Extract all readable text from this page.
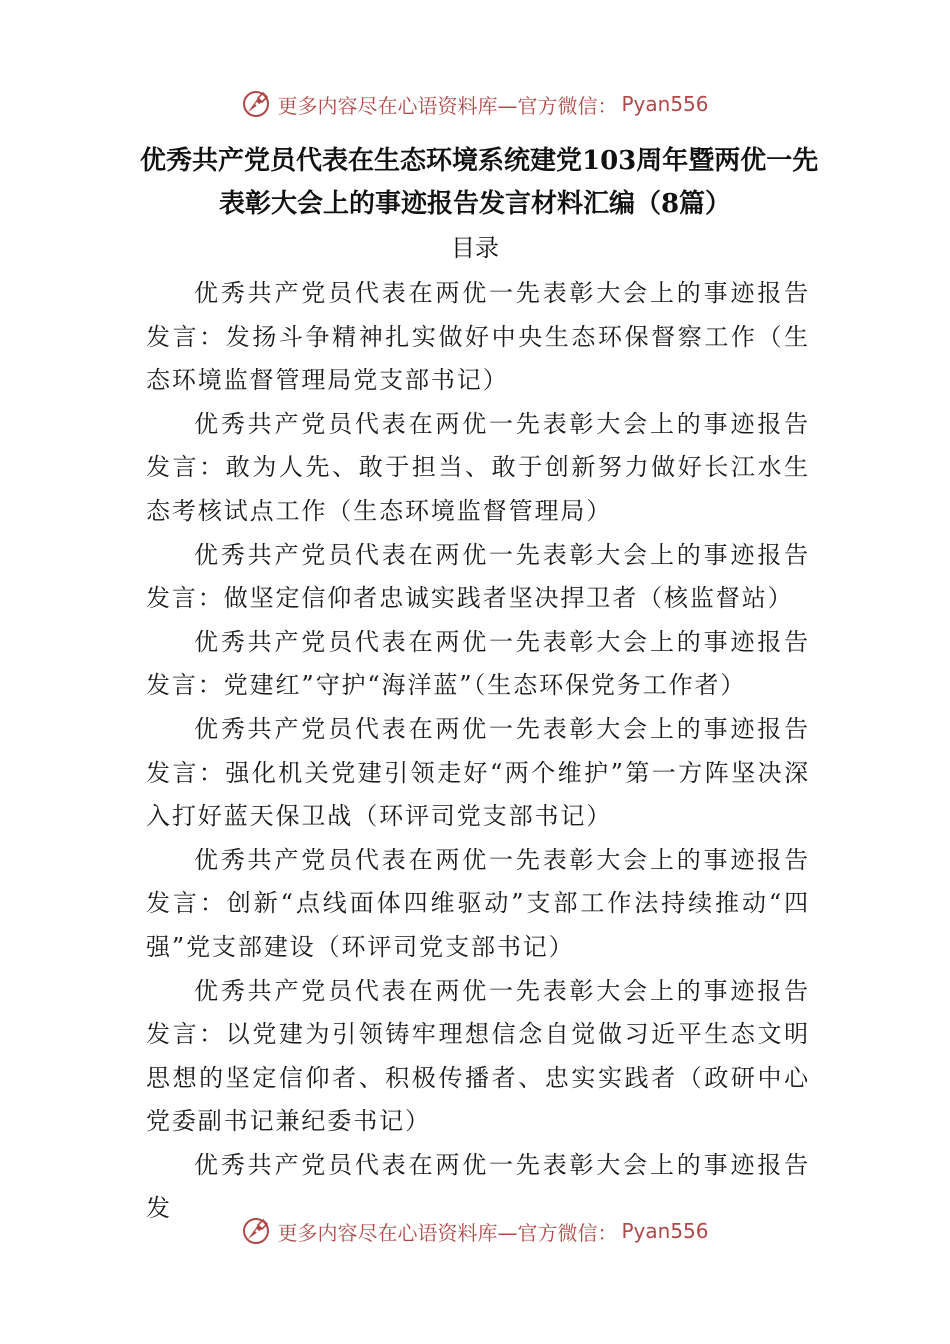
更多内容尽在心语资料库—官方微信： Pyan556
优秀共产党员代表在生态环境系统建党103周年暨两优一先
表彰大会上的事迹报告发言材料汇编（8篇）
目录

优秀共产党员代表在两优一先表彰大会上的事迹报告发言：发扬斗争精神扎实做好中央生态环保督察工作（生态环境监督管理局党支部书记）

优秀共产党员代表在两优一先表彰大会上的事迹报告发言：敢为人先、敢于担当、敢于创新努力做好长江水生态考核试点工作（生态环境监督管理局）

优秀共产党员代表在两优一先表彰大会上的事迹报告发言：做坚定信仰者忠诚实践者坚决捍卫者（核监督站）

优秀共产党员代表在两优一先表彰大会上的事迹报告发言：党建红”守护“海洋蓝”（生态环保党务工作者）

优秀共产党员代表在两优一先表彰大会上的事迹报告发言：强化机关党建引领走好“两个维护”第一方阵坚决深入打好蓝天保卫战（环评司党支部书记）

优秀共产党员代表在两优一先表彰大会上的事迹报告发言：创新“点线面体四维驱动”支部工作法持续推动“四强”党支部建设（环评司党支部书记）

优秀共产党员代表在两优一先表彰大会上的事迹报告发言：以党建为引领铸牢理想信念自觉做习近平生态文明思想的坚定信仰者、积极传播者、忠实实践者（政研中心党委副书记兼纪委书记）

优秀共产党员代表在两优一先表彰大会上的事迹报告发

更多内容尽在心语资料库—官方微信： Pyan556
